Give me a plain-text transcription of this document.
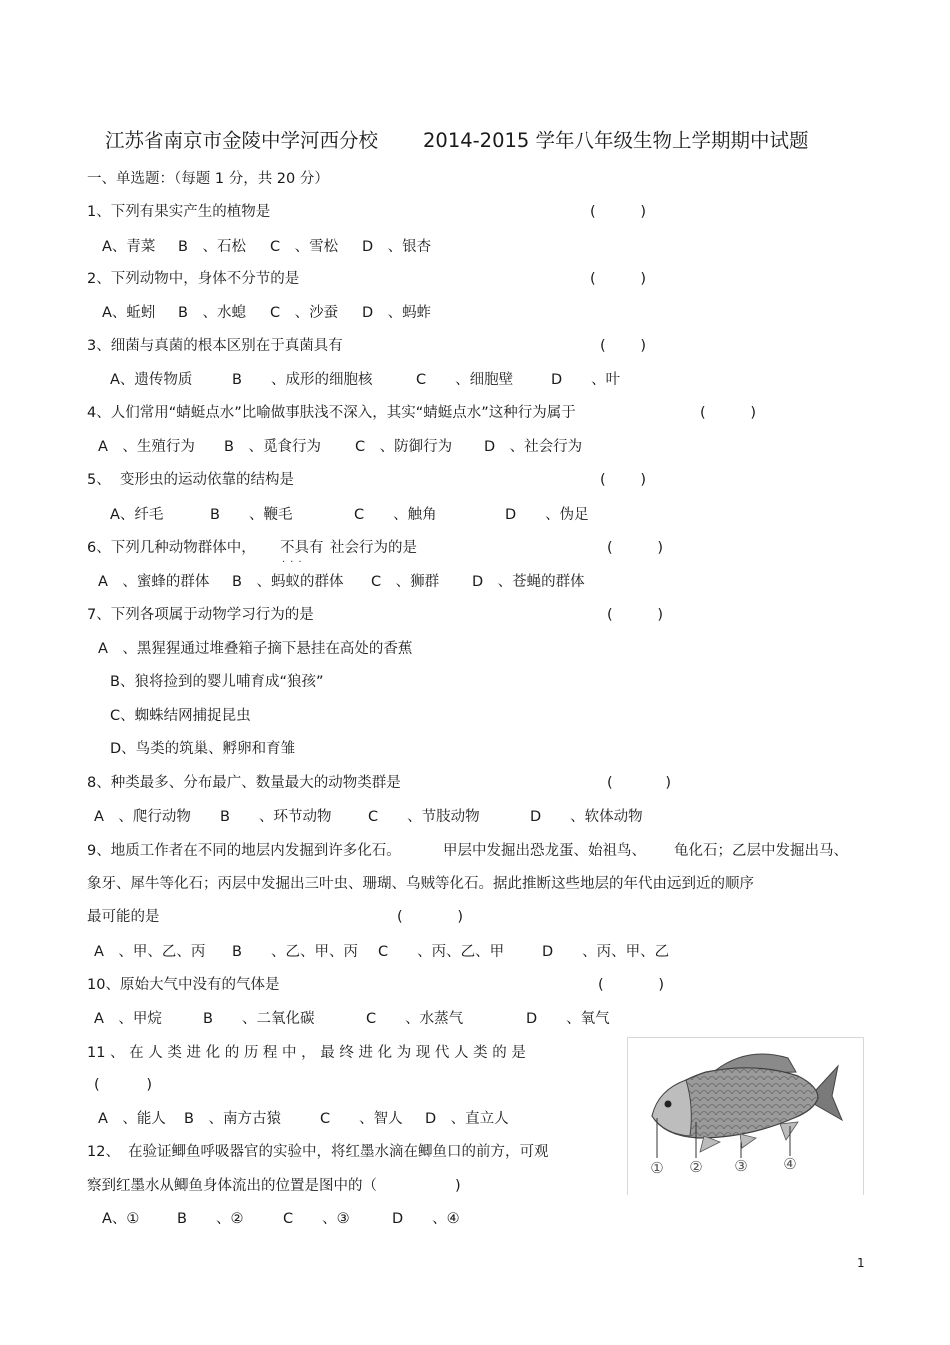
江苏省南京市金陵中学河西分校 2014-2015 学年八年级生物上学期期中试题
一、单选题：（每题 1 分，共 20 分）
1、下列有果实产生的植物是	(	)
A、青菜 B　、石松 C　、雪松 D　、银杏
2、下列动物中，身体不分节的是	(	)
A、蚯蚓 B　、水螅 C　、沙蚕 D　、蚂蚱
3、细菌与真菌的根本区别在于真菌具有	( )
A、遗传物质	B　　、成形的细胞核	C　　、细胞壁	D　　、叶
4、人们常用“蜻蜓点水”比喻做事肤浅不深入，其实“蜻蜓点水”这种行为属于	(	)
A　、生殖行为 B　、觅食行为 C　、防御行为 D　、社会行为
5、 变形虫的运动依靠的结构是	( )
A、纤毛	B　　、鞭毛	C　　、触角	D　　、伪足
6、下列几种动物群体中， 不具有
···
社会行为的是	(	)
A　、蜜蜂的群体 B　、蚂蚁的群体 C　、狮群 D　、苍蝇的群体
7、下列各项属于动物学习行为的是	(	)
A　、黑猩猩通过堆叠箱子摘下悬挂在高处的香蕉
B、狼将捡到的婴儿哺育成“狼孩”
C、蜘蛛结网捕捉昆虫
D、鸟类的筑巢、孵卵和育雏
8、种类最多、分布最广、数量最大的动物类群是	(	)
A　、爬行动物 B　　、环节动物	C　　、节肢动物	D　　、软体动物
9、地质工作者在不同的地层内发掘到许多化石。	甲层中发掘出恐龙蛋、始祖鸟、 龟化石；乙层中发掘出马、
象牙、犀牛等化石；丙层中发掘出三叶虫、珊瑚、乌贼等化石。据此推断这些地层的年代由远到近的顺序
最可能的是	(	)
A　、甲、乙、丙 B　　、乙、甲、丙 C　　、丙、乙、甲	D　　、丙、甲、乙
10、原始大气中没有的气体是	(	)
A　、甲烷	B　　、二氧化碳	C　　、水蒸气	D　　、氧气
11 、 在 人 类 进 化 的 历 程 中 ， 最 终 进 化 为 现 代 人 类 的 是
(	)
A　、能人 B　、南方古猿	C　　、智人 D　、直立人
12、 在验证鲫鱼呼吸器官的实验中，将红墨水滴在鲫鱼口的前方，可观
察到红墨水从鲫鱼身体流出的位置是图中的（	)
A、①	B　　、②	C　　、③	D　　、④
① ② ③ ④
1
